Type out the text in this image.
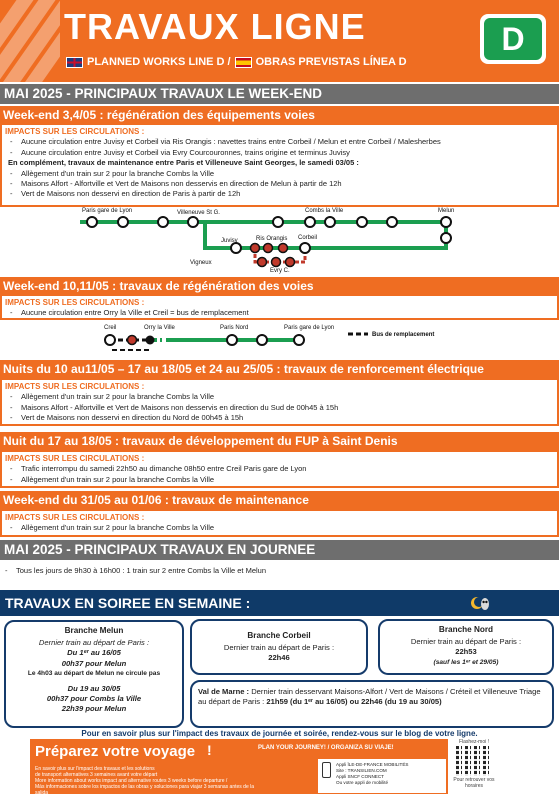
TRAVAUX LIGNE
PLANNED WORKS LINE D / OBRAS PREVISTAS LÍNEA D
D
MAI 2025 - PRINCIPAUX TRAVAUX LE WEEK-END
Week-end 3,4/05 : régénération des équipements voies
IMPACTS SUR LES CIRCULATIONS :
- Aucune circulation entre Juvisy et Corbeil via Ris Orangis : navettes trains entre Corbeil / Melun et entre Corbeil / Malesherbes
- Aucune circulation entre Juvisy et Corbeil via Evry Courcouronnes, trains origine et terminus Juvisy
En complément, travaux de maintenance entre Paris et Villeneuve Saint Georges, le samedi 03/05 :
- Allègement d'un train sur 2 pour la branche Combs la Ville
- Maisons Alfort - Alfortville et Vert de Maisons non desservis en direction de Melun à partir de 12h
- Vert de Maisons non desservi en direction de Paris à partir de 12h
Paris gare de Lyon	Villeneuve St G.	Combs la Ville	Melun
Juvisy	Ris Orangis Corbeil
Vigneux
Evry C.
Week-end 10,11/05 : travaux de régénération des voies
IMPACTS SUR LES CIRCULATIONS :
- Aucune circulation entre Orry la Ville et Creil = bus de remplacement
Creil	Orry la Ville	Paris Nord	Paris gare de Lyon
Bus de remplacement
Nuits du 10 au11/05 – 17 au 18/05 et 24 au 25/05 : travaux de renforcement électrique
IMPACTS SUR LES CIRCULATIONS :
- Allègement d'un train sur 2 pour la branche Combs la Ville
- Maisons Alfort - Alfortville et Vert de Maisons non desservis en direction du Sud de 00h45 à 15h
- Vert de Maisons non desservi en direction du Nord de 00h45 à 15h
Nuit du 17 au 18/05 : travaux de développement du FUP à Saint Denis
IMPACTS SUR LES CIRCULATIONS :
- Trafic interrompu du samedi 22h50 au dimanche 08h50 entre Creil Paris gare de Lyon
- Allègement d'un train sur 2 pour la branche Combs la Ville
Week-end du 31/05 au 01/06 : travaux de maintenance
IMPACTS SUR LES CIRCULATIONS :
- Allègement d'un train sur 2 pour la branche Combs la Ville
MAI 2025 - PRINCIPAUX TRAVAUX EN JOURNEE
- Tous les jours de 9h30 à 16h00 : 1 train sur 2 entre Combs la Ville et Melun
TRAVAUX EN SOIREE EN SEMAINE :
Branche Melun
Dernier train au départ de Paris :
Du 1ᵉʳ au 16/05
00h37 pour Melun
Le 4h03 au départ de Melun ne circule pas
Du 19 au 30/05
00h37 pour Combs la Ville
22h39 pour Melun
Branche Corbeil
Dernier train au départ de Paris :
22h46
Branche Nord
Dernier train au départ de Paris :
22h53
(sauf les 1ᵉʳ et 29/05)
Val de Marne : Dernier train desservant Maisons-Alfort / Vert de Maisons / Créteil et Villeneuve Triage au départ de Paris : 21h59 (du 1ᵉʳ au 16/05) ou 22h46 (du 19 au 30/05)
Pour en savoir plus sur l'impact des travaux de journée et soirée, rendez-vous sur le blog de votre ligne.
Préparez votre voyage !	PLAN YOUR JOURNEY! / ORGANIZA SU VIAJE!
En savoir plus sur l'impact des travaux et les solutions
de transport alternatives 3 semaines avant votre départ
More information about works impact and alternative routes 3 weeks before departure /
Más informaciones sobre los impactos de las obras y soluciones para viajar 3 semanas antes de la salida
Appli ÎLE-DE-FRANCE MOBILITÉS
Site : TRANSILIEN.COM
Appli SNCF CONNECT
Ou votre appli de mobilité
Flashez-moi !
Pour retrouver vos horaires
